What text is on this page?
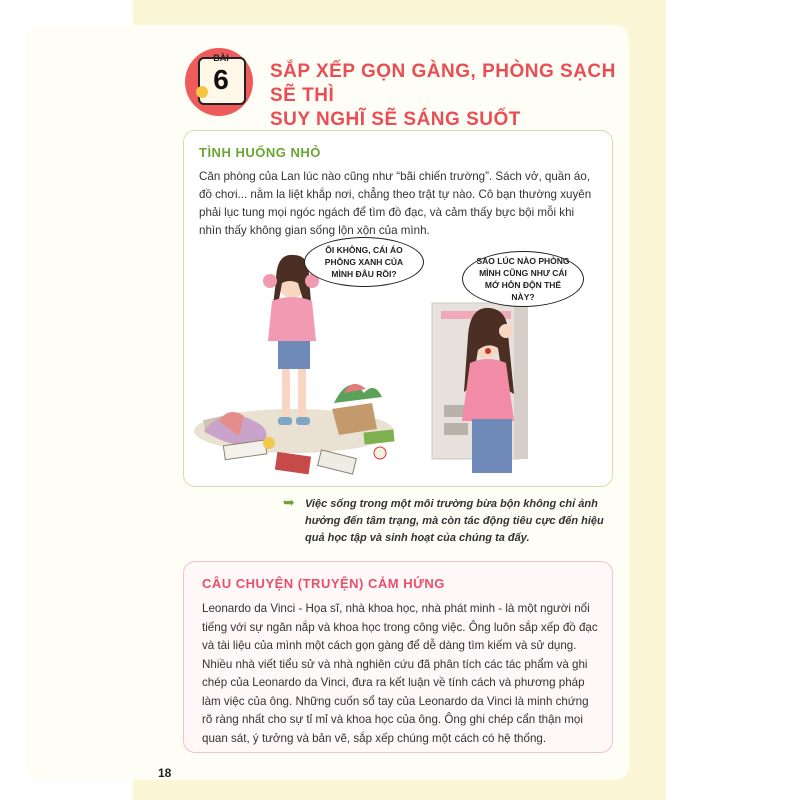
BÀI
6	SẮP XẾP GỌN GÀNG, PHÒNG SẠCH SẼ THÌ
SUY NGHĨ SẼ SÁNG SUỐT
TÌNH HUỐNG NHỎ
Căn phòng của Lan lúc nào cũng như “bãi chiến trường”. Sách vở, quần áo, đồ chơi... nằm la liệt khắp nơi, chẳng theo trật tự nào. Cô bạn thường xuyên phải lục tung mọi ngóc ngách để tìm đồ đạc, và cảm thấy bực bội mỗi khi nhìn thấy không gian sống lộn xộn của mình.
ÔI KHÔNG, CÁI ÁO PHÔNG XANH CỦA MÌNH ĐÂU RỒI?
SAO LÚC NÀO PHÒNG MÌNH CŨNG NHƯ CÁI MỚ HỖN ĐỘN THẾ NÀY?
➥ Việc sống trong một môi trường bừa bộn không chỉ ảnh hưởng đến tâm trạng, mà còn tác động tiêu cực đến hiệu quả học tập và sinh hoạt của chúng ta đấy.
CÂU CHUYỆN (TRUYỆN) CẢM HỨNG
Leonardo da Vinci - Họa sĩ, nhà khoa học, nhà phát minh - là một người nổi tiếng với sự ngăn nắp và khoa học trong công việc. Ông luôn sắp xếp đồ đạc và tài liệu của mình một cách gọn gàng để dễ dàng tìm kiếm và sử dụng. Nhiều nhà viết tiểu sử và nhà nghiên cứu đã phân tích các tác phẩm và ghi chép của Leonardo da Vinci, đưa ra kết luận về tính cách và phương pháp làm việc của ông. Những cuốn sổ tay của Leonardo da Vinci là minh chứng rõ ràng nhất cho sự tỉ mỉ và khoa học của ông. Ông ghi chép cẩn thận mọi quan sát, ý tưởng và bản vẽ, sắp xếp chúng một cách có hệ thống.
18
